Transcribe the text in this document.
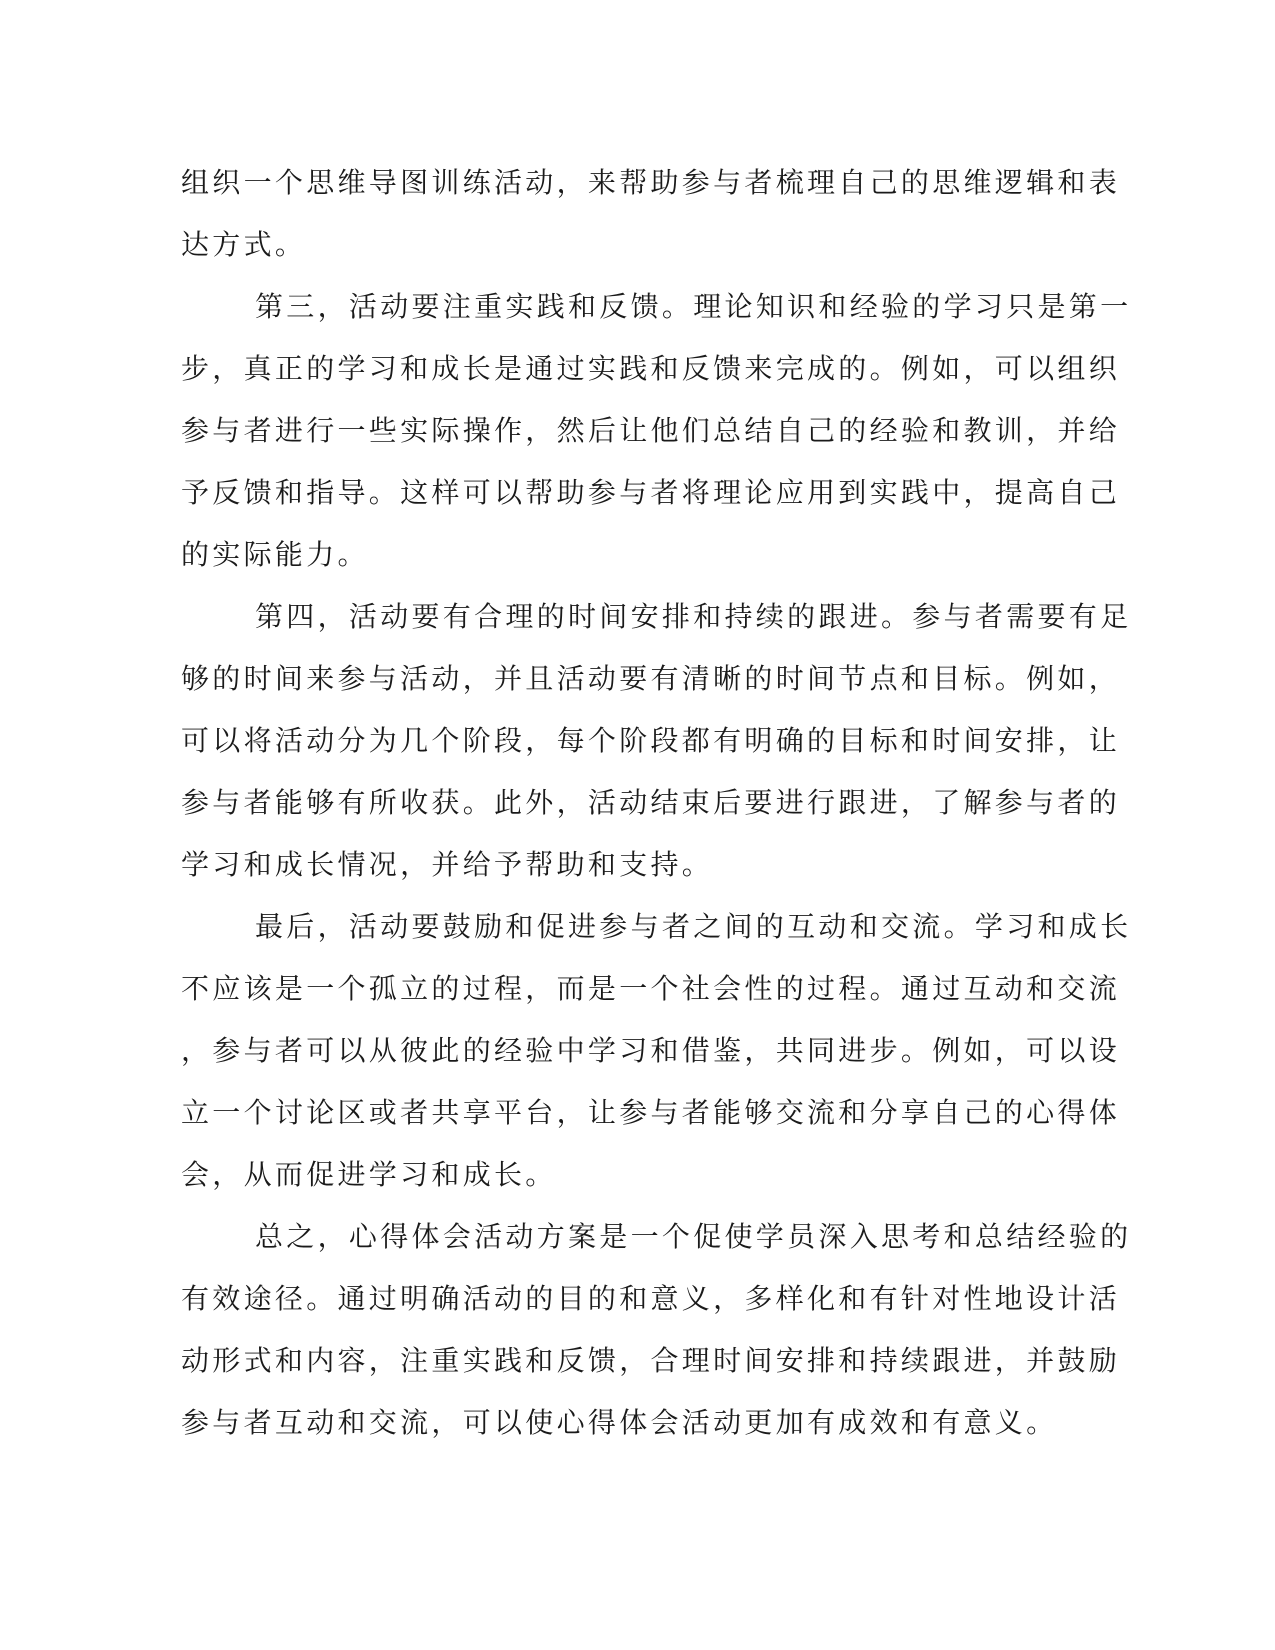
组织一个思维导图训练活动，来帮助参与者梳理自己的思维逻辑和表
达方式。
第三，活动要注重实践和反馈。理论知识和经验的学习只是第一
步，真正的学习和成长是通过实践和反馈来完成的。例如，可以组织
参与者进行一些实际操作，然后让他们总结自己的经验和教训，并给
予反馈和指导。这样可以帮助参与者将理论应用到实践中，提高自己
的实际能力。
第四，活动要有合理的时间安排和持续的跟进。参与者需要有足
够的时间来参与活动，并且活动要有清晰的时间节点和目标。例如，
可以将活动分为几个阶段，每个阶段都有明确的目标和时间安排，让
参与者能够有所收获。此外，活动结束后要进行跟进，了解参与者的
学习和成长情况，并给予帮助和支持。
最后，活动要鼓励和促进参与者之间的互动和交流。学习和成长
不应该是一个孤立的过程，而是一个社会性的过程。通过互动和交流
，参与者可以从彼此的经验中学习和借鉴，共同进步。例如，可以设
立一个讨论区或者共享平台，让参与者能够交流和分享自己的心得体
会，从而促进学习和成长。
总之，心得体会活动方案是一个促使学员深入思考和总结经验的
有效途径。通过明确活动的目的和意义，多样化和有针对性地设计活
动形式和内容，注重实践和反馈，合理时间安排和持续跟进，并鼓励
参与者互动和交流，可以使心得体会活动更加有成效和有意义。
